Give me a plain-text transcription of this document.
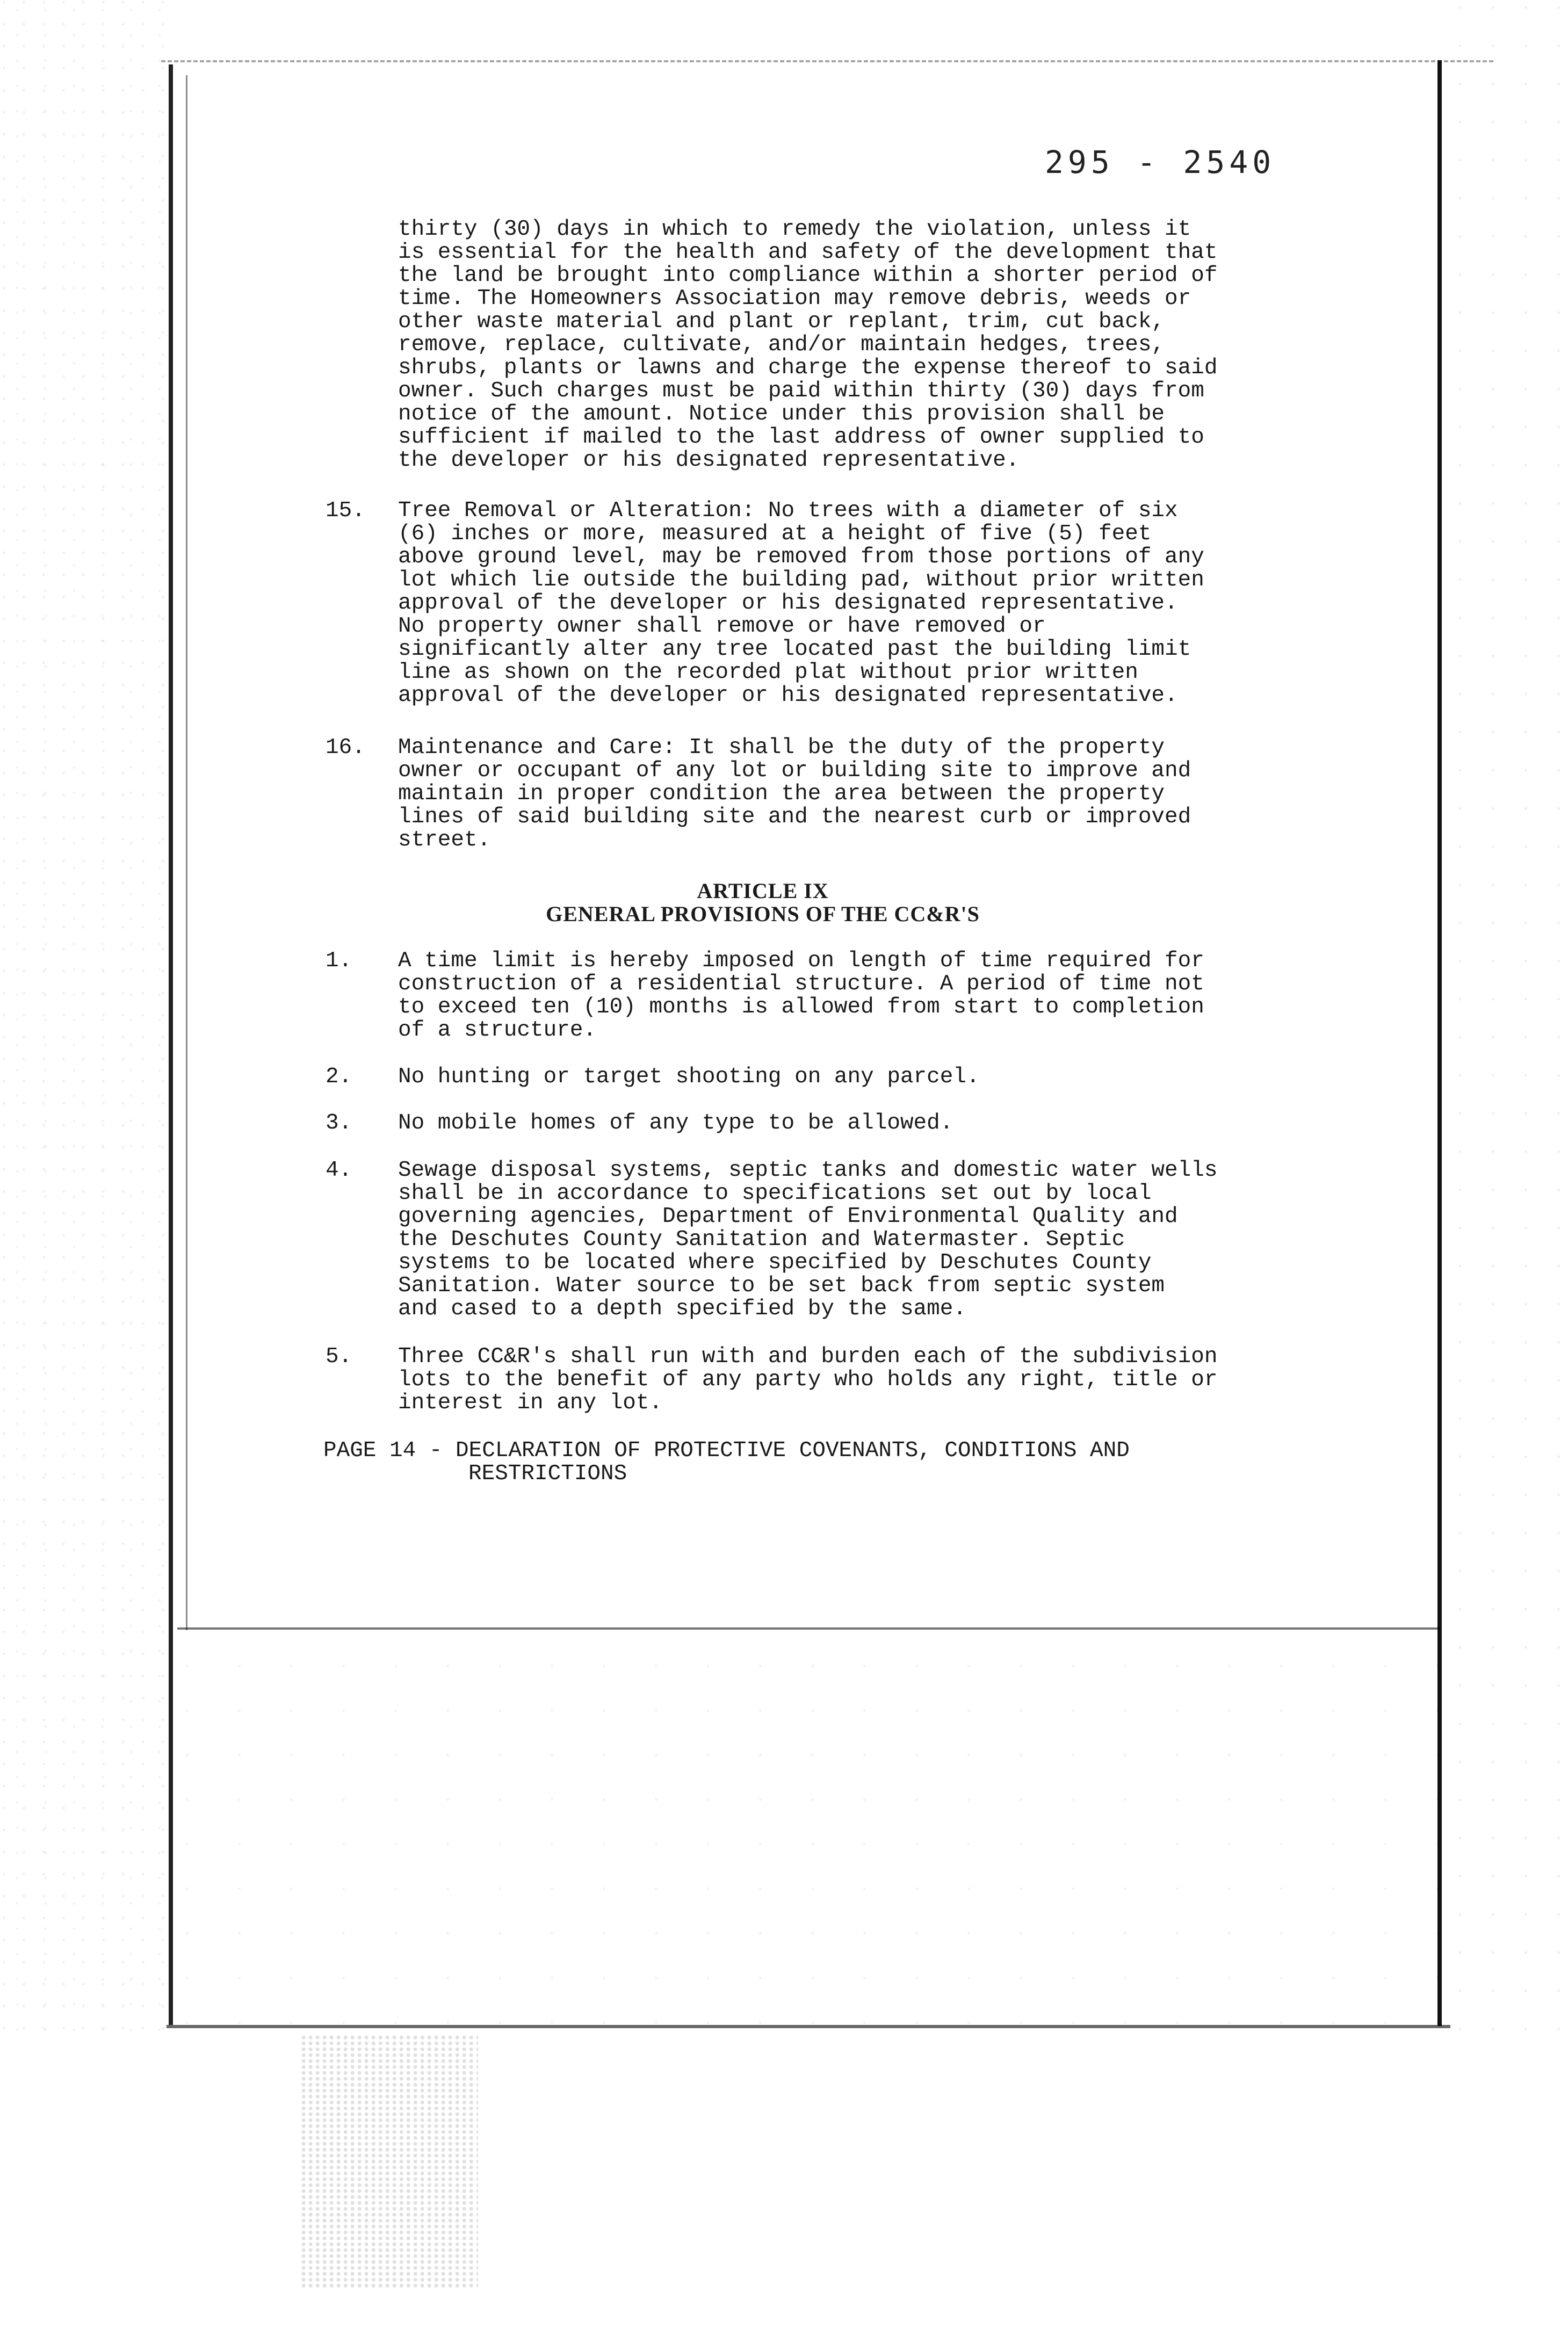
295 - 2540
thirty (30) days in which to remedy the violation, unless it
is essential for the health and safety of the development that
the land be brought into compliance within a shorter period of
time. The Homeowners Association may remove debris, weeds or
other waste material and plant or replant, trim, cut back,
remove, replace, cultivate, and/or maintain hedges, trees,
shrubs, plants or lawns and charge the expense thereof to said
owner. Such charges must be paid within thirty (30) days from
notice of the amount. Notice under this provision shall be
sufficient if mailed to the last address of owner supplied to
the developer or his designated representative.
15. Tree Removal or Alteration: No trees with a diameter of six
(6) inches or more, measured at a height of five (5) feet
above ground level, may be removed from those portions of any
lot which lie outside the building pad, without prior written
approval of the developer or his designated representative.
No property owner shall remove or have removed or
significantly alter any tree located past the building limit
line as shown on the recorded plat without prior written
approval of the developer or his designated representative.
16. Maintenance and Care: It shall be the duty of the property
owner or occupant of any lot or building site to improve and
maintain in proper condition the area between the property
lines of said building site and the nearest curb or improved
street.
ARTICLE IX
GENERAL PROVISIONS OF THE CC&R'S
1. A time limit is hereby imposed on length of time required for
construction of a residential structure. A period of time not
to exceed ten (10) months is allowed from start to completion
of a structure.
2. No hunting or target shooting on any parcel.
3. No mobile homes of any type to be allowed.
4. Sewage disposal systems, septic tanks and domestic water wells
shall be in accordance to specifications set out by local
governing agencies, Department of Environmental Quality and
the Deschutes County Sanitation and Watermaster. Septic
systems to be located where specified by Deschutes County
Sanitation. Water source to be set back from septic system
and cased to a depth specified by the same.
5. Three CC&R's shall run with and burden each of the subdivision
lots to the benefit of any party who holds any right, title or
interest in any lot.
PAGE 14 - DECLARATION OF PROTECTIVE COVENANTS, CONDITIONS AND
RESTRICTIONS
